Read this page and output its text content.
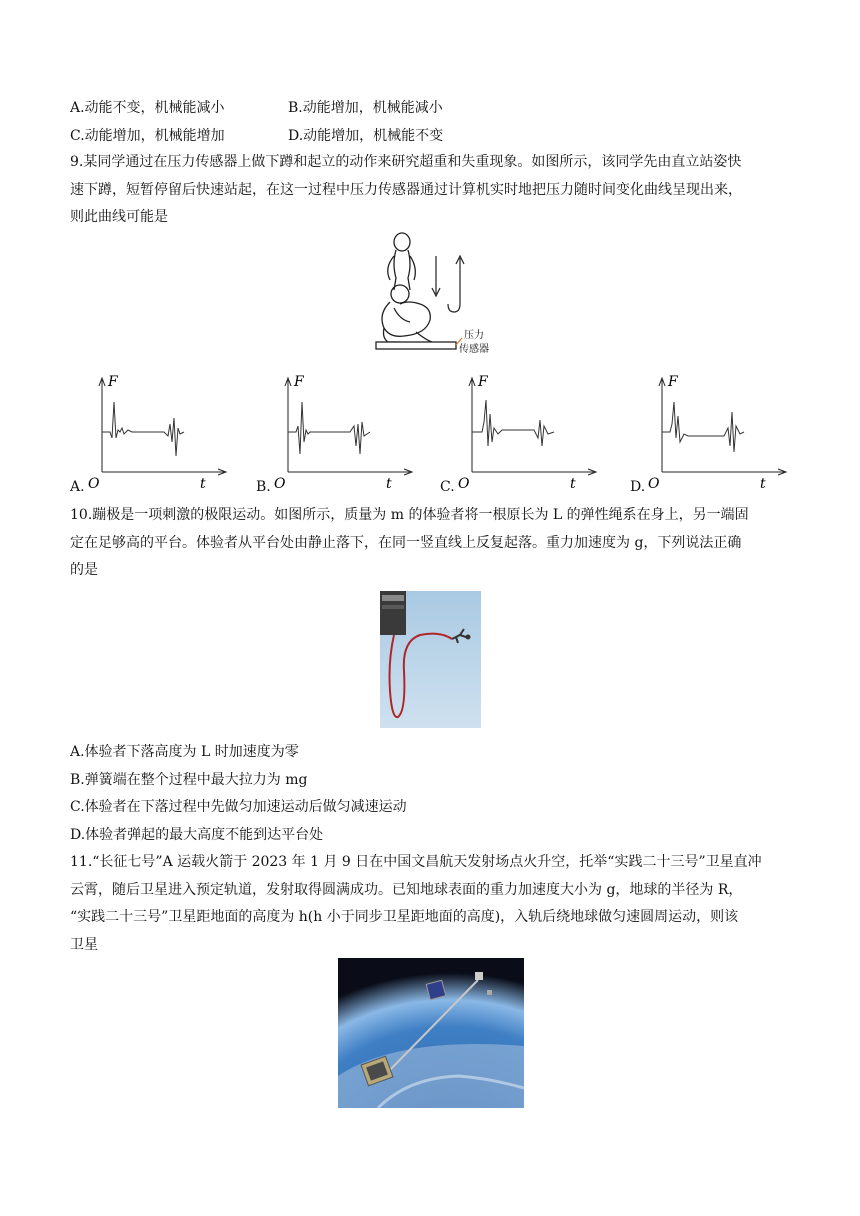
A.动能不变，机械能减小	B.动能增加，机械能减小
C.动能增加，机械能增加	D.动能增加，机械能不变
9.某同学通过在压力传感器上做下蹲和起立的动作来研究超重和失重现象。如图所示，该同学先由直立站姿快
速下蹲，短暂停留后快速站起，在这一过程中压力传感器通过计算机实时地把压力随时间变化曲线呈现出来，
则此曲线可能是
压力
传感器
F
t
O
A.
F
t
O
B.
F
t
O
C.
F
t
O
D.
10.蹦极是一项刺激的极限运动。如图所示，质量为 m 的体验者将一根原长为 L 的弹性绳系在身上，另一端固
定在足够高的平台。体验者从平台处由静止落下，在同一竖直线上反复起落。重力加速度为 g，下列说法正确
的是
A.体验者下落高度为 L 时加速度为零
B.弹簧端在整个过程中最大拉力为 mg
C.体验者在下落过程中先做匀加速运动后做匀减速运动
D.体验者弹起的最大高度不能到达平台处
11.“长征七号”A 运载火箭于 2023 年 1 月 9 日在中国文昌航天发射场点火升空，托举“实践二十三号”卫星直冲
云霄，随后卫星进入预定轨道，发射取得圆满成功。已知地球表面的重力加速度大小为 g，地球的半径为 R，
“实践二十三号”卫星距地面的高度为 h(h 小于同步卫星距地面的高度)，入轨后绕地球做匀速圆周运动，则该
卫星
